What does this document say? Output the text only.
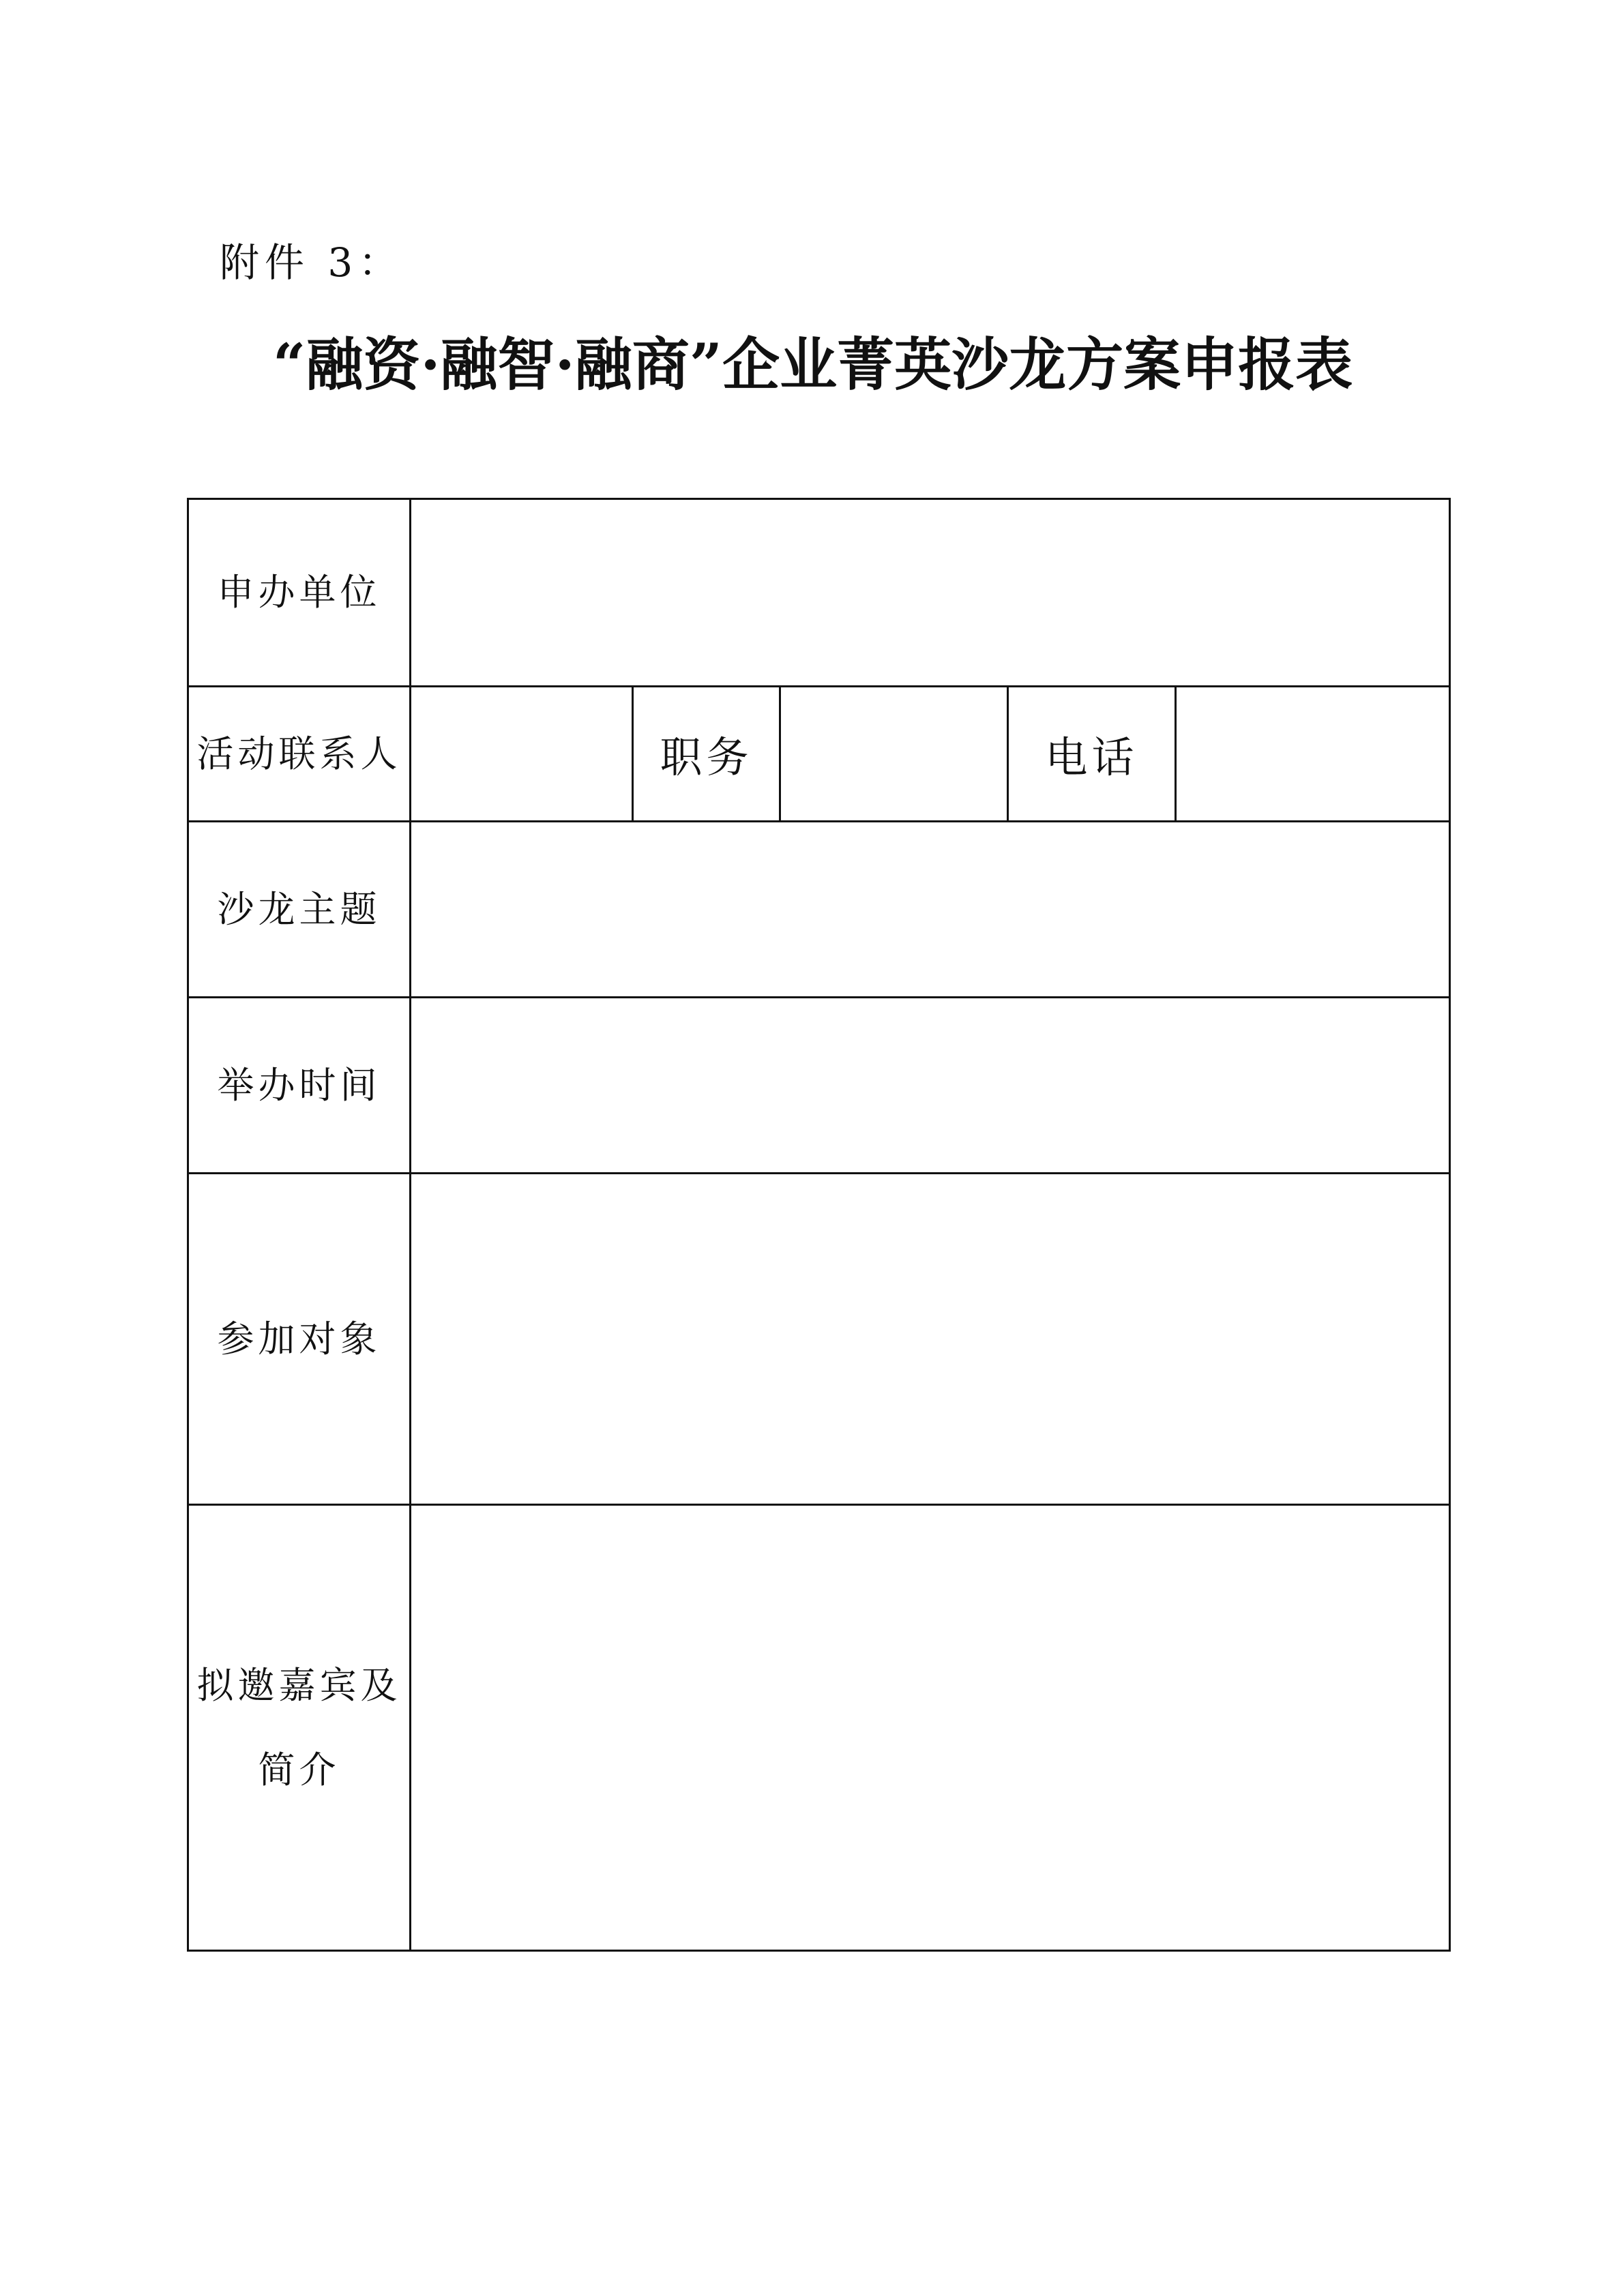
附件 3：
“融资·融智·融商”企业菁英沙龙方案申报表
申办单位					
活动联系人		职务		电话	
沙龙主题					
举办时间					
参加对象					

拟邀嘉宾及
简介					
